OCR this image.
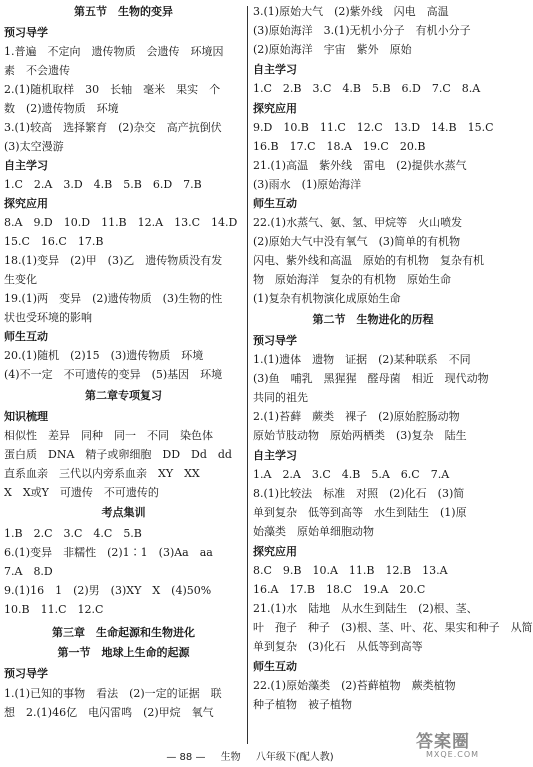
第五节　生物的变异
预习导学
1.普遍　不定向　遗传物质　会遗传　环境因
素　不会遗传
2.(1)随机取样　30　长轴　毫米　果实　个
数　(2)遗传物质　环境
3.(1)较高　选择繁育　(2)杂交　高产抗倒伏
(3)太空漫游
自主学习
1.C　2.A　3.D　4.B　5.B　6.D　7.B
探究应用
8.A　9.D　10.D　11.B　12.A　13.C　14.D
15.C　16.C　17.B
18.(1)变异　(2)甲　(3)乙　遗传物质没有发
生变化
19.(1)两　变异　(2)遗传物质　(3)生物的性
状也受环境的影响
师生互动
20.(1)随机　(2)15　(3)遗传物质　环境
(4)不一定　不可遗传的变异　(5)基因　环境
第二章专项复习
知识梳理
相似性　差异　同种　同一　不同　染色体
蛋白质　DNA　精子或卵细胞　DD　Dd　dd
直系血亲　三代以内旁系血亲　XY　XX
X　X或Y　可遗传　不可遗传的
考点集训
1.B　2.C　3.C　4.C　5.B
6.(1)变异　非糯性　(2)1∶1　(3)Aa　aa
7.A　8.D
9.(1)16　1　(2)男　(3)XY　X　(4)50%
10.B　11.C　12.C
第三章　生命起源和生物进化
第一节　地球上生命的起源
预习导学
1.(1)已知的事物　看法　(2)一定的证据　联
想　2.(1)46亿　电闪雷鸣　(2)甲烷　氧气
3.(1)原始大气　(2)紫外线　闪电　高温
(3)原始海洋　3.(1)无机小分子　有机小分子
(2)原始海洋　宇宙　紫外　原始
自主学习
1.C　2.B　3.C　4.B　5.B　6.D　7.C　8.A
探究应用
9.D　10.B　11.C　12.C　13.D　14.B　15.C
16.B　17.C　18.A　19.C　20.B
21.(1)高温　紫外线　雷电　(2)提供水蒸气
(3)雨水　(1)原始海洋
师生互动
22.(1)水蒸气、氨、氢、甲烷等　火山喷发
(2)原始大气中没有氧气　(3)简单的有机物
闪电、紫外线和高温　原始的有机物　复杂有机
物　原始海洋　复杂的有机物　原始生命
(1)复杂有机物演化成原始生命
第二节　生物进化的历程
预习导学
1.(1)遗体　遗物　证据　(2)某种联系　不同
(3)鱼　哺乳　黑猩猩　醛母菌　相近　现代动物
共同的祖先
2.(1)苔藓　蕨类　裸子　(2)原始腔肠动物
原始节肢动物　原始两栖类　(3)复杂　陆生
自主学习
1.A　2.A　3.C　4.B　5.A　6.C　7.A
8.(1)比较法　标准　对照　(2)化石　(3)简
单到复杂　低等到高等　水生到陆生　(1)原
始藻类　原始单细胞动物
探究应用
8.C　9.B　10.A　11.B　12.B　13.A
16.A　17.B　18.C　19.A　20.C
21.(1)水　陆地　从水生到陆生　(2)根、茎、
叶　孢子　种子　(3)根、茎、叶、花、果实和种子　从简
单到复杂　(3)化石　从低等到高等
师生互动
22.(1)原始藻类　(2)苔藓植物　蕨类植物
种子植物　被子植物
— 88 — 生物 八年级下(配人教)
答案圈
MXQE.COM
